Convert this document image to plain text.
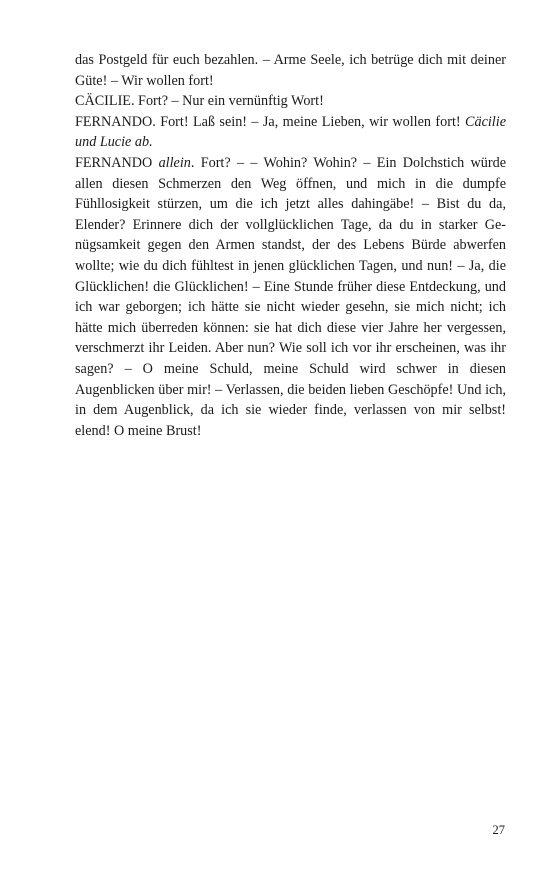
das Postgeld für euch bezahlen. – Arme Seele, ich betrüge dich mit deiner Güte! – Wir wollen fort!

CÄCILIE. Fort? – Nur ein vernünftig Wort!

FERNANDO. Fort! Laß sein! – Ja, meine Lieben, wir wollen fort! Cäcilie und Lucie ab.

FERNANDO allein. Fort? – – Wohin? Wohin? – Ein Dolchstich würde allen diesen Schmerzen den Weg öffnen, und mich in die dumpfe Fühllosigkeit stürzen, um die ich jetzt alles dahingäbe! – Bist du da, Elender? Erinnere dich der vollglücklichen Tage, da du in starker Genügsamkeit gegen den Armen standst, der des Lebens Bürde abwerfen wollte; wie du dich fühltest in jenen glücklichen Tagen, und nun! – Ja, die Glücklichen! die Glücklichen! – Eine Stunde früher diese Entdeckung, und ich war geborgen; ich hätte sie nicht wieder gesehn, sie mich nicht; ich hätte mich überreden können: sie hat dich diese vier Jahre her vergessen, verschmerzt ihr Leiden. Aber nun? Wie soll ich vor ihr erscheinen, was ihr sagen? – O meine Schuld, meine Schuld wird schwer in diesen Augenblicken über mir! – Verlassen, die beiden lieben Geschöpfe! Und ich, in dem Augenblick, da ich sie wieder finde, verlassen von mir selbst! elend! O meine Brust!

27
